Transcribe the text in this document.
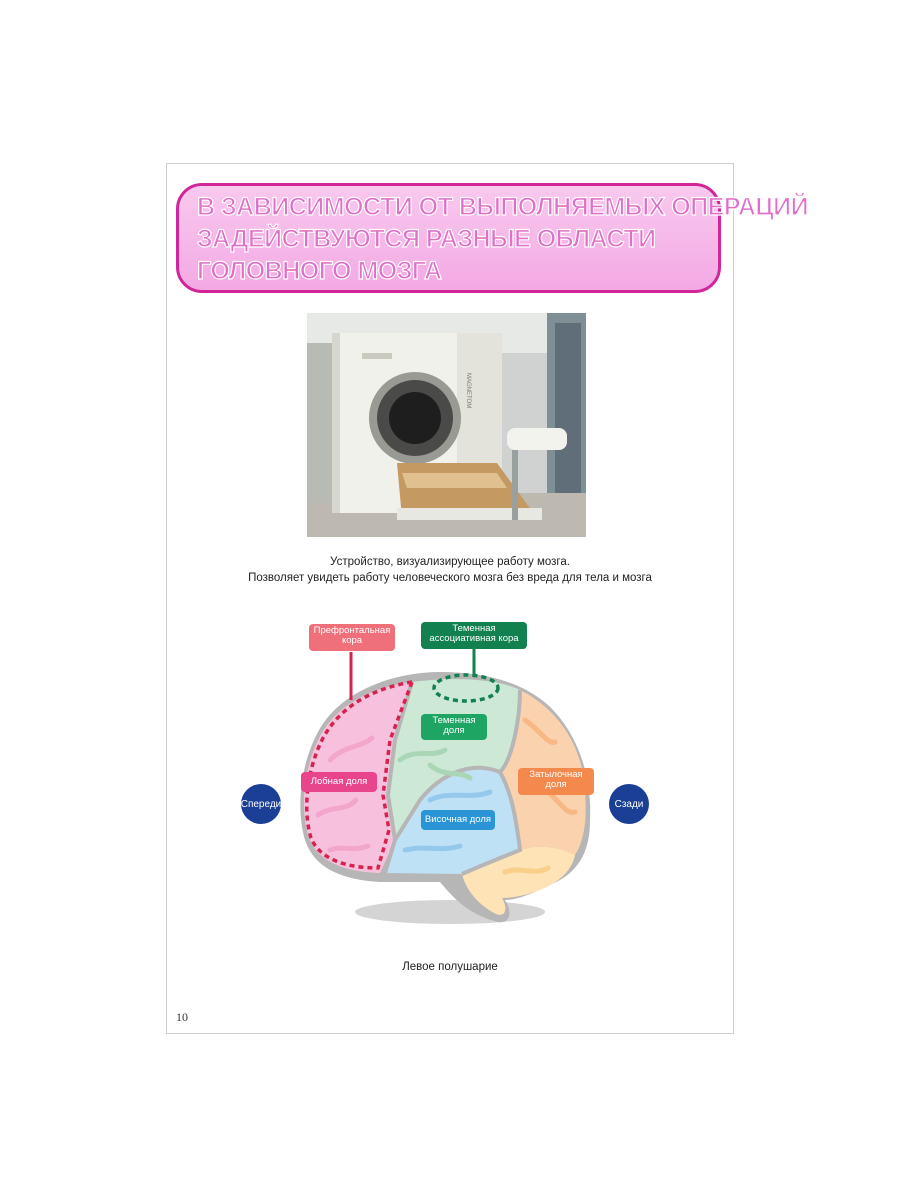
В ЗАВИСИМОСТИ ОТ ВЫПОЛНЯЕМЫХ ОПЕРАЦИЙ
ЗАДЕЙСТВУЮТСЯ РАЗНЫЕ ОБЛАСТИ
ГОЛОВНОГО МОЗГА
MAGNETOM
Устройство, визуализирующее работу мозга.
Позволяет увидеть работу человеческого мозга без вреда для тела и мозга
Префронтальная
кора
Теменная
ассоциативная кора
Теменная
доля
Лобная доля
Затылочная
доля
Височная доля
Спереди	Сзади
Левое полушарие
10
